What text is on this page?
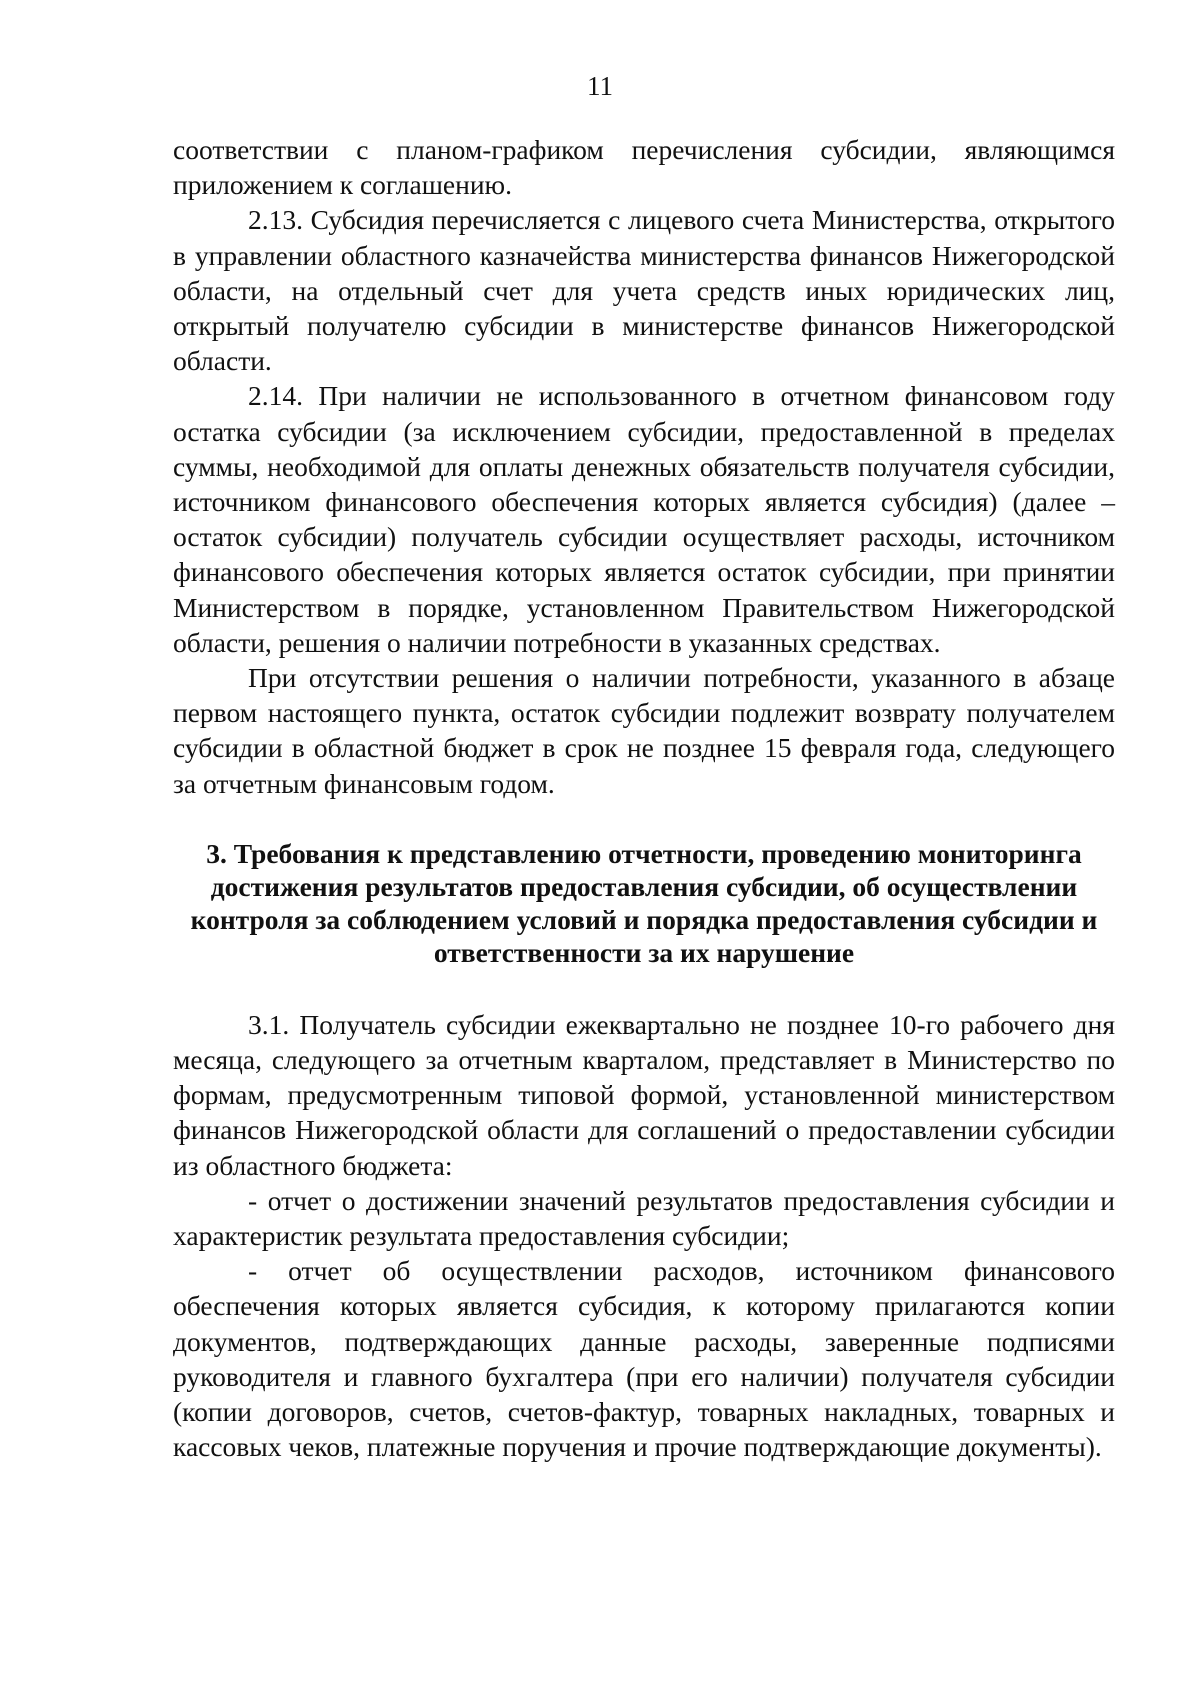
11

соответствии с планом-графиком перечисления субсидии, являющимся приложением к соглашению.

2.13. Субсидия перечисляется с лицевого счета Министерства, открытого в управлении областного казначейства министерства финансов Нижегородской области, на отдельный счет для учета средств иных юридических лиц, открытый получателю субсидии в министерстве финансов Нижегородской области.

2.14. При наличии не использованного в отчетном финансовом году остатка субсидии (за исключением субсидии, предоставленной в пределах суммы, необходимой для оплаты денежных обязательств получателя субсидии, источником финансового обеспечения которых является субсидия) (далее – остаток субсидии) получатель субсидии осуществляет расходы, источником финансового обеспечения которых является остаток субсидии, при принятии Министерством в порядке, установленном Правительством Нижегородской области, решения о наличии потребности в указанных средствах.

При отсутствии решения о наличии потребности, указанного в абзаце первом настоящего пункта, остаток субсидии подлежит возврату получателем субсидии в областной бюджет в срок не позднее 15 февраля года, следующего за отчетным финансовым годом.

3. Требования к представлению отчетности, проведению мониторинга достижения результатов предоставления субсидии, об осуществлении контроля за соблюдением условий и порядка предоставления субсидии и ответственности за их нарушение

3.1. Получатель субсидии ежеквартально не позднее 10-го рабочего дня месяца, следующего за отчетным кварталом, представляет в Министерство по формам, предусмотренным типовой формой, установленной министерством финансов Нижегородской области для соглашений о предоставлении субсидии из областного бюджета:

- отчет о достижении значений результатов предоставления субсидии и характеристик результата предоставления субсидии;

- отчет об осуществлении расходов, источником финансового обеспечения которых является субсидия, к которому прилагаются копии документов, подтверждающих данные расходы, заверенные подписями руководителя и главного бухгалтера (при его наличии) получателя субсидии (копии договоров, счетов, счетов-фактур, товарных накладных, товарных и кассовых чеков, платежные поручения и прочие подтверждающие документы).
